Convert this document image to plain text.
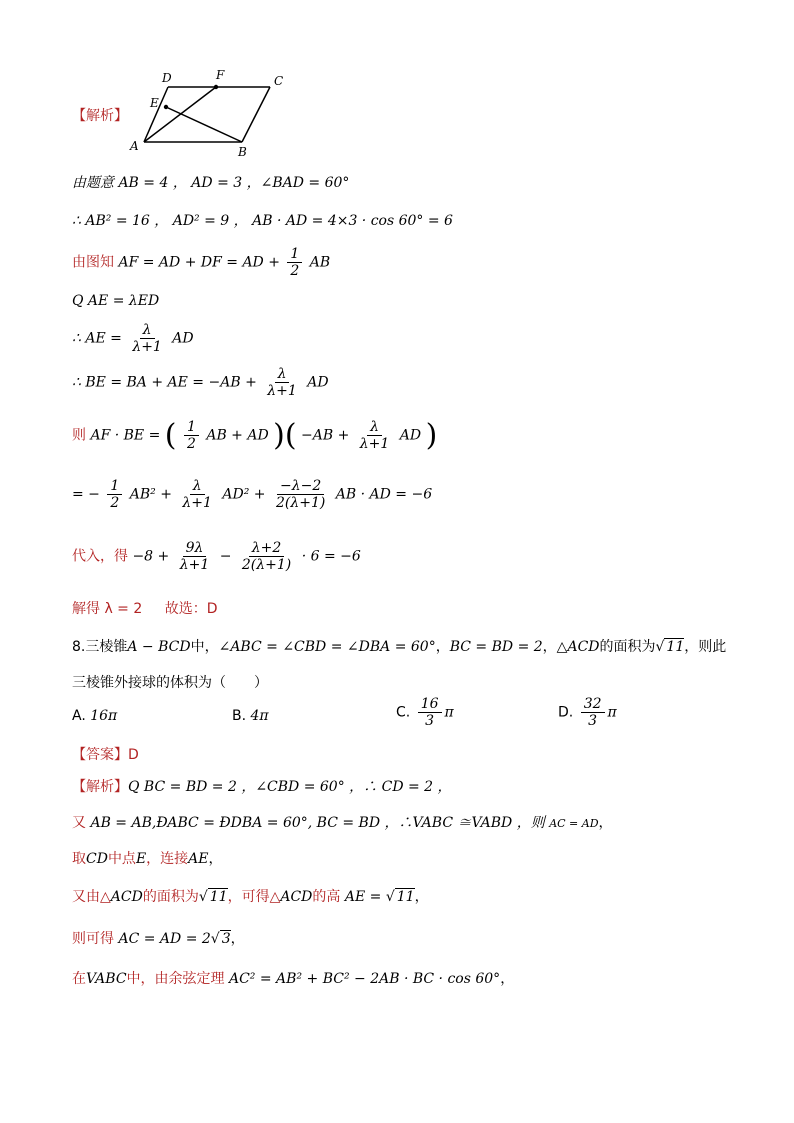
D	F	C
E
A	B
【解析】
由题意 AB = 4 ， AD = 3 ，∠BAD = 60°
∴ AB² = 16 ， AD² = 9 ， AB · AD = 4×3 · cos 60° = 6
由图知 AF = AD + DF = AD + $\frac{1}{2}$ AB
Q AE = λED
∴ AE = $\frac{\lambda}{\lambda+1}$ AD
∴ BE = BA + AE = $-AB + \frac{\lambda}{\lambda+1}$ AD
则 AF · BE = ( $\frac{1}{2}$ AB + AD )( $-AB + \frac{\lambda}{\lambda+1}$ AD )
= − $\frac{1}{2} AB^2 + \frac{\lambda}{\lambda+1} AD^2 + \frac{-\lambda-2}{2(\lambda+1)}$ AB · AD = −6
代入，得 $-8 + \frac{9\lambda}{\lambda+1} - \frac{\lambda+2}{2(\lambda+1)} \cdot 6 = -6$
解得 λ = 2 故选：D
8.三棱锥A − BCD中，∠ABC = ∠CBD = ∠DBA = 60°，BC = BD = 2，△ACD的面积为√ 11，则此
三棱锥外接球的体积为（　　）
A. 16π	B. 4π	C. $\frac{16}{3}$ π	D. $\frac{32}{3}$ π
【答案】D
【解析】Q BC = BD = 2 ，∠CBD = 60° ，∴ CD = 2 ，
又 AB = AB,ÐABC = ÐDBA = 60°, BC = BD ，∴VABC ≅VABD ，则 AC = AD，
取CD中点E，连接AE，
又由△ACD的面积为√ 11，可得△ACD的高 AE = √ 11，
则可得 AC = AD = 2√ 3，
在VABC中，由余弦定理 AC² = AB² + BC² − 2AB · BC · cos 60°，
